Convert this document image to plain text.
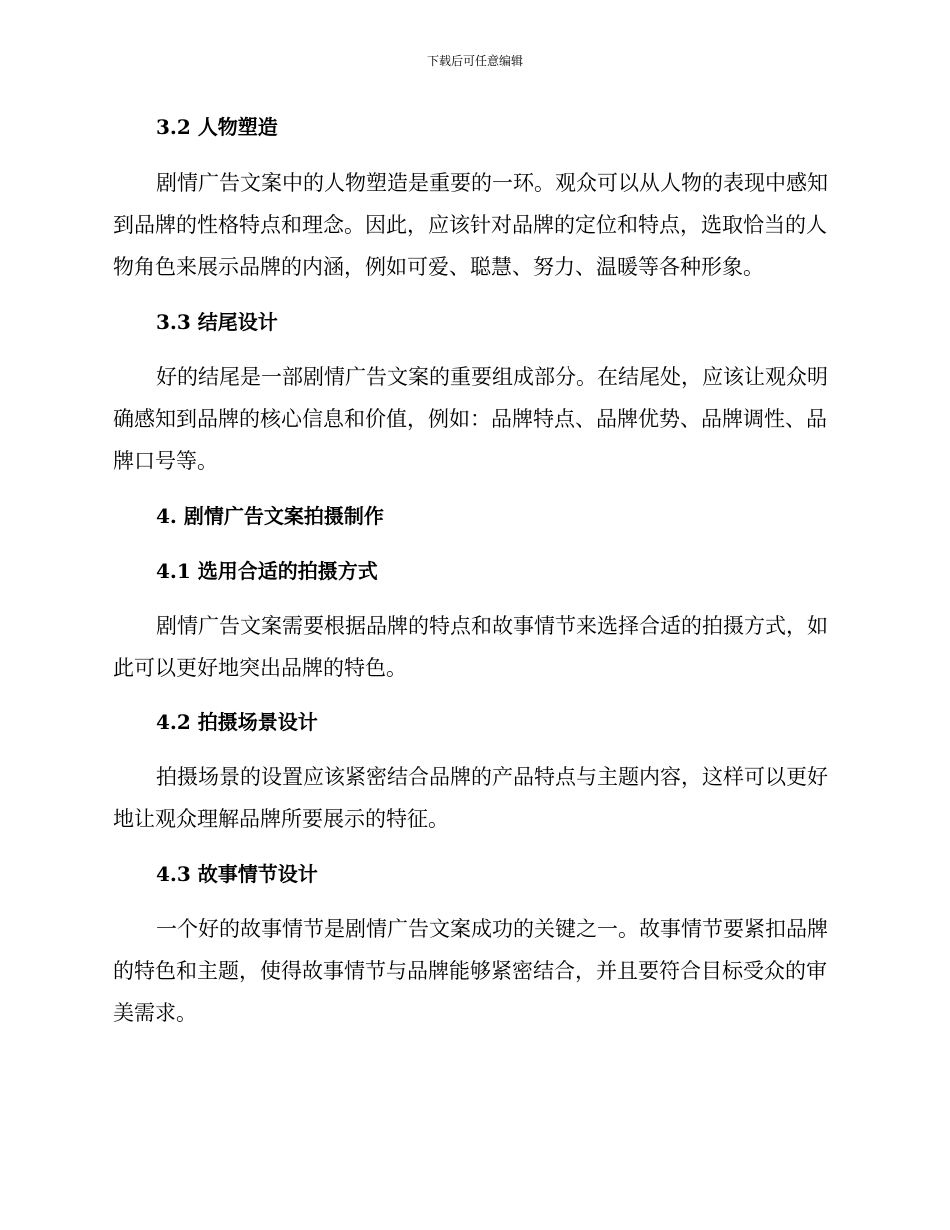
下载后可任意编辑
3.2 人物塑造
剧情广告文案中的人物塑造是重要的一环。观众可以从人物的表现中感知到品牌的性格特点和理念。因此，应该针对品牌的定位和特点，选取恰当的人物角色来展示品牌的内涵，例如可爱、聪慧、努力、温暖等各种形象。
3.3 结尾设计
好的结尾是一部剧情广告文案的重要组成部分。在结尾处，应该让观众明确感知到品牌的核心信息和价值，例如：品牌特点、品牌优势、品牌调性、品牌口号等。
4. 剧情广告文案拍摄制作
4.1 选用合适的拍摄方式
剧情广告文案需要根据品牌的特点和故事情节来选择合适的拍摄方式，如此可以更好地突出品牌的特色。
4.2 拍摄场景设计
拍摄场景的设置应该紧密结合品牌的产品特点与主题内容，这样可以更好地让观众理解品牌所要展示的特征。
4.3 故事情节设计
一个好的故事情节是剧情广告文案成功的关键之一。故事情节要紧扣品牌的特色和主题，使得故事情节与品牌能够紧密结合，并且要符合目标受众的审美需求。
